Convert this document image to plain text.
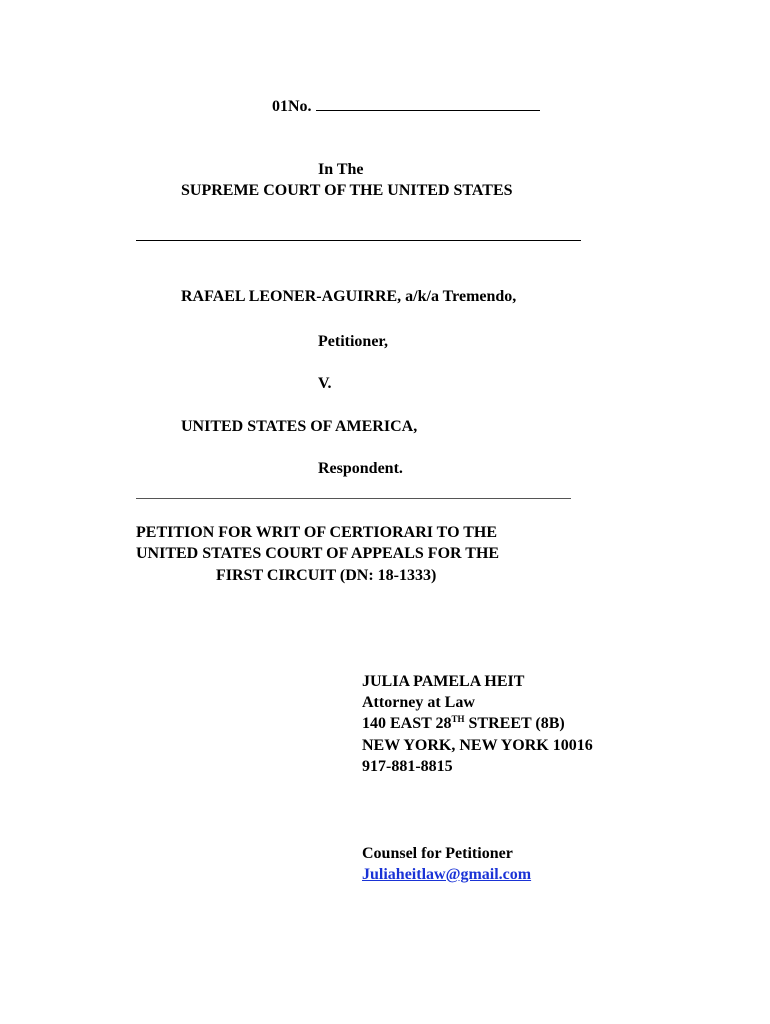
01No.
In The
SUPREME COURT OF THE UNITED STATES
RAFAEL LEONER-AGUIRRE, a/k/a Tremendo,
Petitioner,
V.
UNITED STATES OF AMERICA,
Respondent.
PETITION FOR WRIT OF CERTIORARI TO THE
UNITED STATES COURT OF APPEALS FOR THE
FIRST CIRCUIT (DN: 18-1333)
JULIA PAMELA HEIT
Attorney at Law
140 EAST 28TH STREET (8B)
NEW YORK, NEW YORK 10016
917-881-8815
Counsel for Petitioner
Juliaheitlaw@gmail.com
